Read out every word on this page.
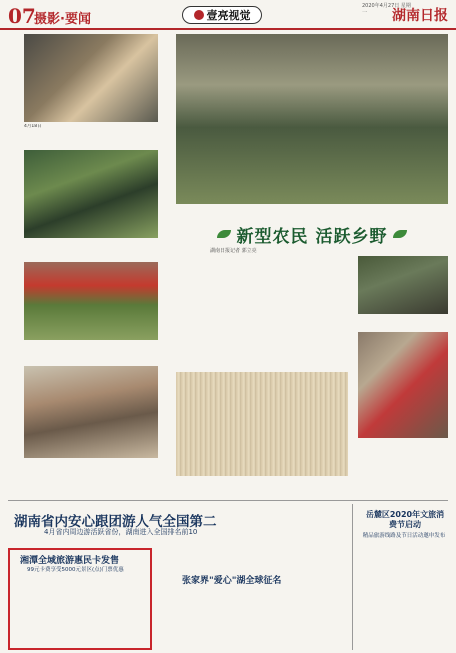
07
摄影·要闻	壹亮视觉
2020年4月27日 星期一	湖南日报
4月18日
新型农民 活跃乡野
湖南日报记者 郭立亮
湖南省内安心跟团游人气全国第二
4月省内周边游活跃省份，湖南进入全国排名前10
湘潭全域旅游惠民卡发售
99元卡费享受5000元景区(点)门票优惠
张家界"爱心"湖全球征名
岳麓区2020年文旅消费节启动
精品旅游线路及节日活动邀申发布
